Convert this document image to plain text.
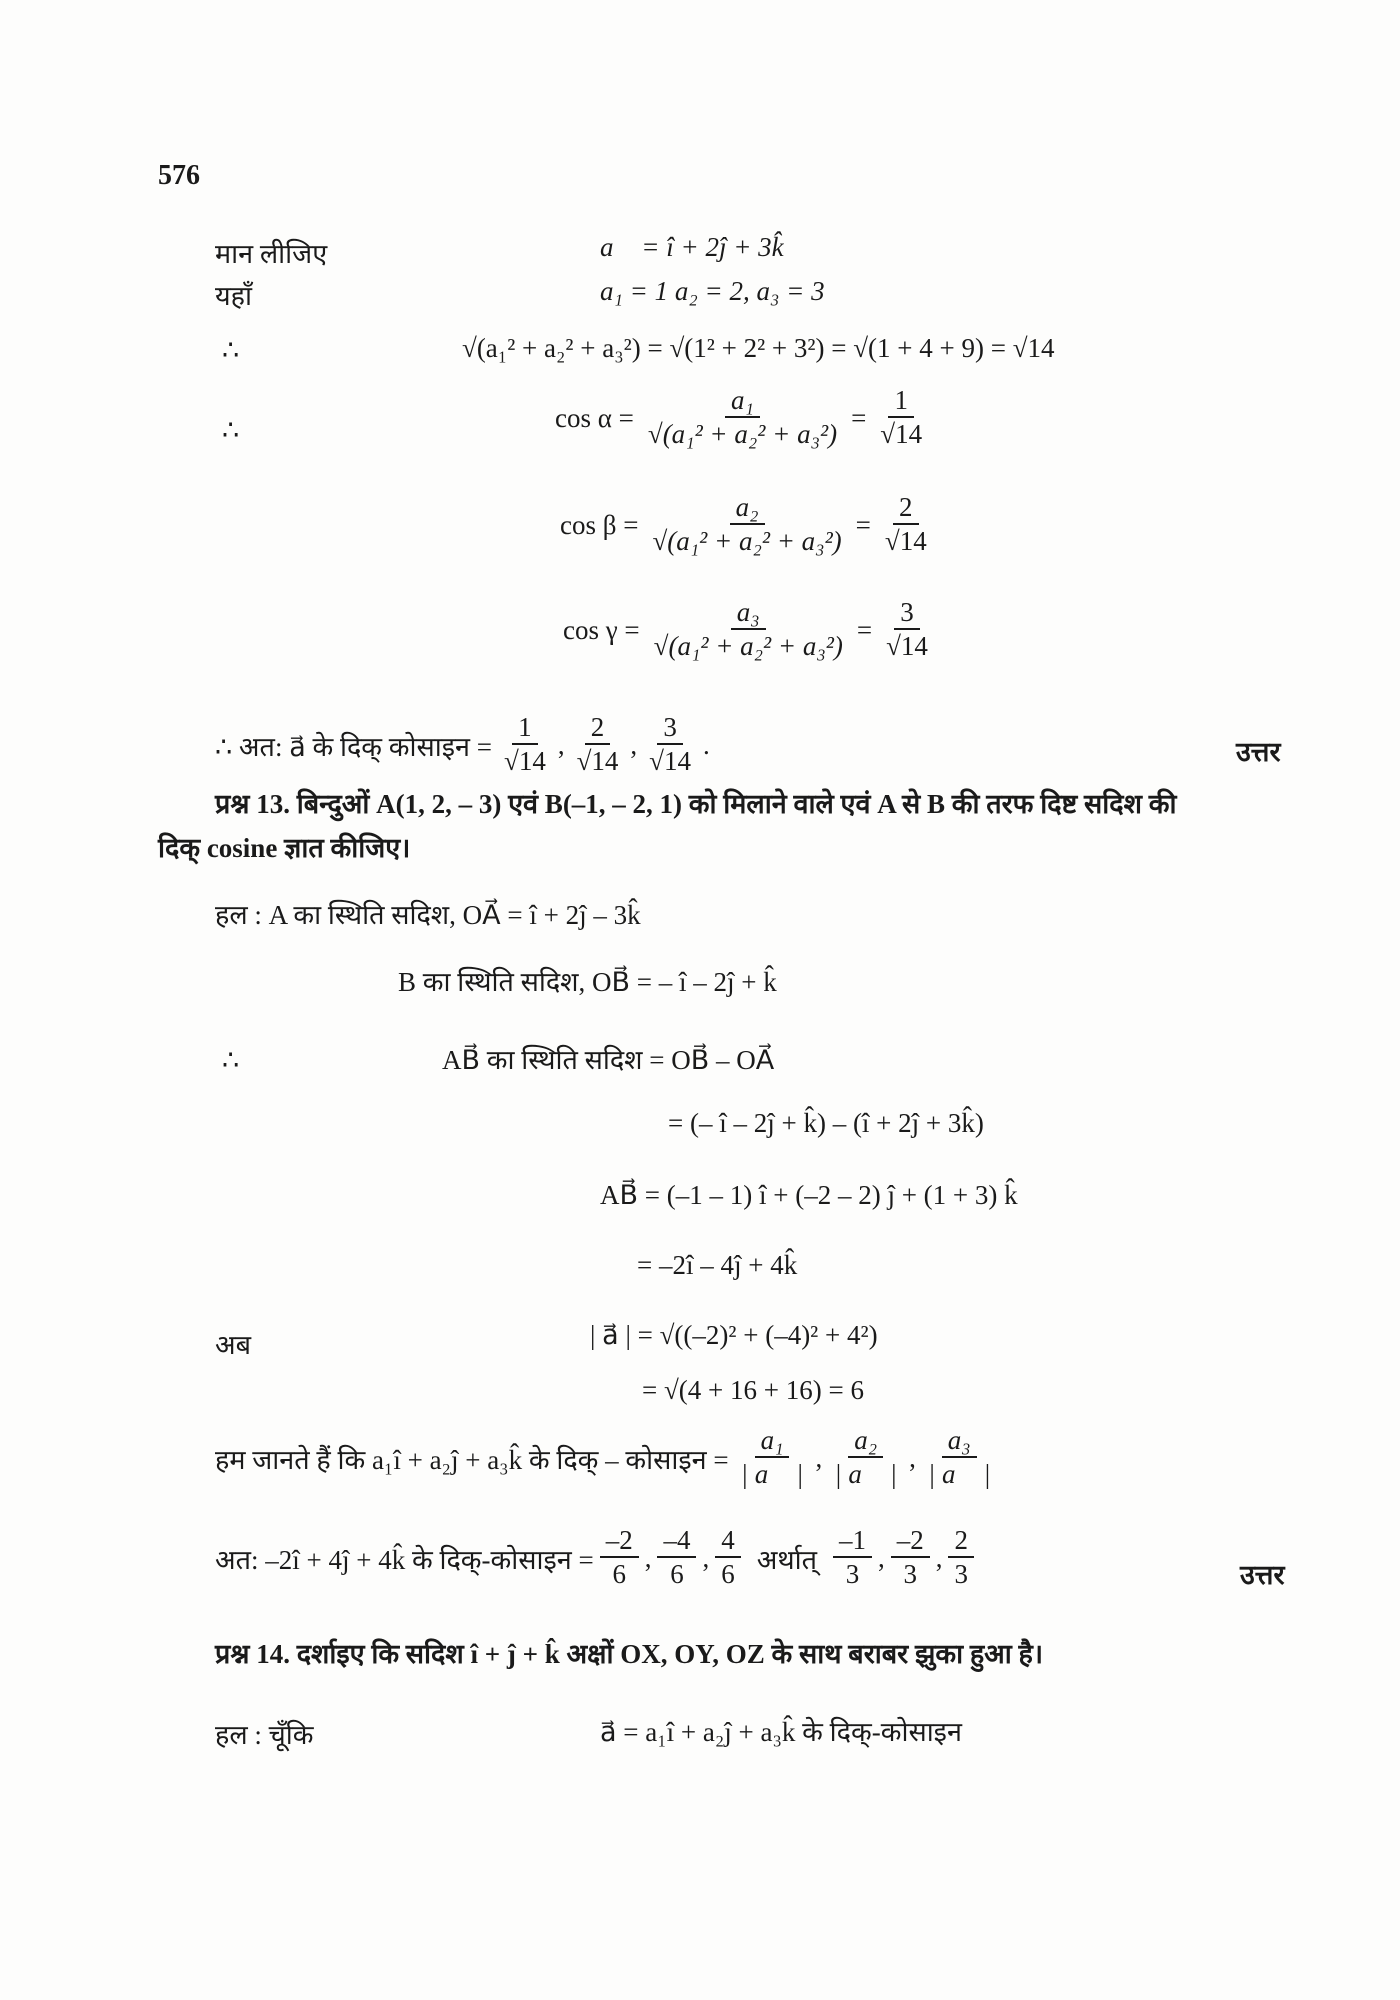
576
मान लीजिए	a⃗ = î + 2ĵ + 3k̂
यहाँ	a₁ = 1 a₂ = 2, a₃ = 3
∴	√(a₁² + a₂² + a₃²) = √(1² + 2² + 3²) = √(1 + 4 + 9) = √14
∴	$\cos \alpha = \frac{\text{a₁}}{\text{√(a₁² + a₂² + a₃²)}} = \frac{1}{√14}$
$\cos \beta = \frac{\text{a₂}}{\text{√(a₁² + a₂² + a₃²)}} = \frac{2}{√14}$
$\cos \gamma = \frac{\text{a₃}}{\text{√(a₁² + a₂² + a₃²)}} = \frac{3}{√14}$
∴ अत: a⃗ के दिक् कोसाइन = $\frac{1}{√14}$ , $\frac{2}{√14}$ , $\frac{3}{√14}$ .	उत्तर
प्रश्न 13. बिन्दुओं A(1, 2, – 3) एवं B(–1, – 2, 1) को मिलाने वाले एवं A से B की तरफ दिष्ट सदिश की
दिक् cosine ज्ञात कीजिए।
हल : A का स्थिति सदिश, OA⃗ = î + 2ĵ – 3k̂
B का स्थिति सदिश, OB⃗ = – î – 2ĵ + k̂
∴	AB⃗ का स्थिति सदिश = OB⃗ – OA⃗
= (– î – 2ĵ + k̂) – (î + 2ĵ + 3k̂)
AB⃗ = (–1 – 1) î + (–2 – 2) ĵ + (1 + 3) k̂
= –2î – 4ĵ + 4k̂
अब	| a⃗ | = √((–2)² + (–4)² + 4²)
= √(4 + 16 + 16) = 6
हम जानते हैं कि a₁î + a₂ĵ + a₃k̂ के दिक् – कोसाइन = $\frac{\text{a₁}}{| a⃗ |}$ , $\frac{\text{a₂}}{| a⃗ |}$ , $\frac{\text{a₃}}{| a⃗ |}$
अत: –2î + 4ĵ + 4k̂ के दिक्-कोसाइन = $\frac{-2}{6}$ , $\frac{-4}{6}$ , $\frac{4}{6}$ अर्थात् $\frac{-1}{3}$ , $\frac{-2}{3}$ , $\frac{2}{3}$	उत्तर
प्रश्न 14. दर्शाइए कि सदिश î + ĵ + k̂ अक्षों OX, OY, OZ के साथ बराबर झुका हुआ है।
हल : चूँकि	a⃗ = a₁î + a₂ĵ + a₃k̂ के दिक्-कोसाइन
